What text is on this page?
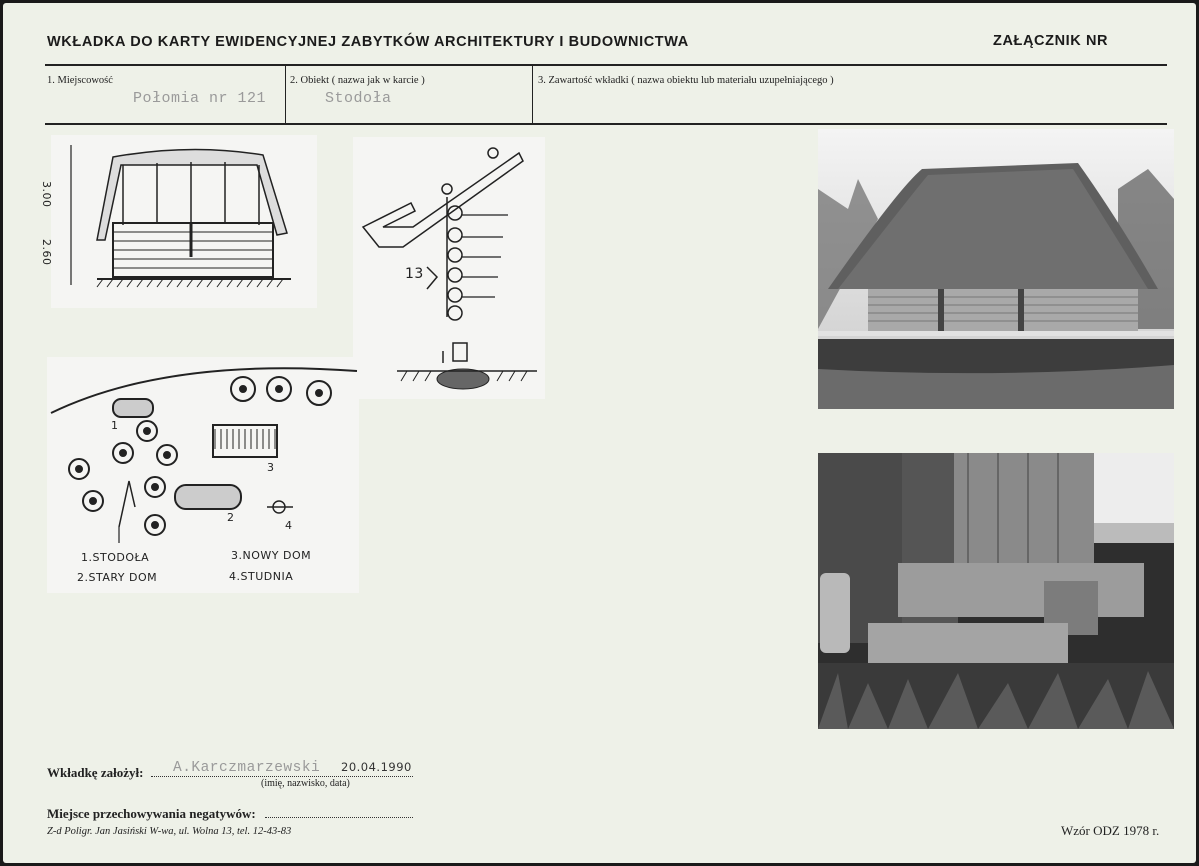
WKŁADKA DO KARTY EWIDENCYJNEJ ZABYTKÓW ARCHITEKTURY I BUDOWNICTWA	ZAŁĄCZNIK NR
1. Miejscowość
Połomia nr 121
2. Obiekt ( nazwa jak w karcie )
Stodoła
3. Zawartość wkładki ( nazwa obiektu lub materiału uzupełniającego )
3.00
2.60
13
1
2
3
4
1.STODOŁA
2.STARY DOM
3.NOWY DOM
4.STUDNIA
Wkładkę założył: A.Karczmarzewski 20.04.1990
(imię, nazwisko, data)
Miejsce przechowywania negatywów:
Z-d Poligr. Jan Jasiński W-wa, ul. Wolna 13, tel. 12-43-83	Wzór ODZ 1978 r.
